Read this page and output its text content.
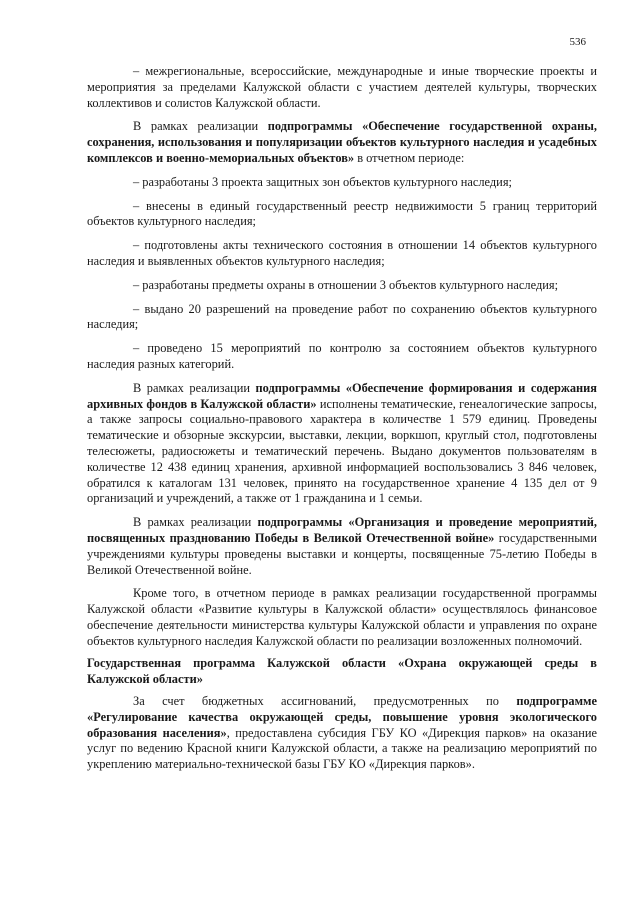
536

– межрегиональные, всероссийские, международные и иные творческие проекты и мероприятия за пределами Калужской области с участием деятелей культуры, творческих коллективов и солистов Калужской области.

В рамках реализации подпрограммы «Обеспечение государственной охраны, сохранения, использования и популяризации объектов культурного наследия и усадебных комплексов и военно-мемориальных объектов» в отчетном периоде:

– разработаны 3 проекта защитных зон объектов культурного наследия;

– внесены в единый государственный реестр недвижимости 5 границ территорий объектов культурного наследия;

– подготовлены акты технического состояния в отношении 14 объектов культурного наследия и выявленных объектов культурного наследия;

– разработаны предметы охраны в отношении 3 объектов культурного наследия;

– выдано 20 разрешений на проведение работ по сохранению объектов культурного наследия;

– проведено 15 мероприятий по контролю за состоянием объектов культурного наследия разных категорий.

В рамках реализации подпрограммы «Обеспечение формирования и содержания архивных фондов в Калужской области» исполнены тематические, генеалогические запросы, а также запросы социально-правового характера в количестве 1 579 единиц. Проведены тематические и обзорные экскурсии, выставки, лекции, воркшоп, круглый стол, подготовлены телесюжеты, радиосюжеты и тематический перечень. Выдано документов пользователям в количестве 12 438 единиц хранения, архивной информацией воспользовались 3 846 человек, обратился к каталогам 131 человек, принято на государственное хранение 4 135 дел от 9 организаций и учреждений, а также от 1 гражданина и 1 семьи.

В рамках реализации подпрограммы «Организация и проведение мероприятий, посвященных празднованию Победы в Великой Отечественной войне» государственными учреждениями культуры проведены выставки и концерты, посвященные 75-летию Победы в Великой Отечественной войне.

Кроме того, в отчетном периоде в рамках реализации государственной программы Калужской области «Развитие культуры в Калужской области» осуществлялось финансовое обеспечение деятельности министерства культуры Калужской области и управления по охране объектов культурного наследия Калужской области по реализации возложенных полномочий.

Государственная программа Калужской области «Охрана окружающей среды в Калужской области»

За счет бюджетных ассигнований, предусмотренных по подпрограмме «Регулирование качества окружающей среды, повышение уровня экологического образования населения», предоставлена субсидия ГБУ КО «Дирекция парков» на оказание услуг по ведению Красной книги Калужской области, а также на реализацию мероприятий по укреплению материально-технической базы ГБУ КО «Дирекция парков».
